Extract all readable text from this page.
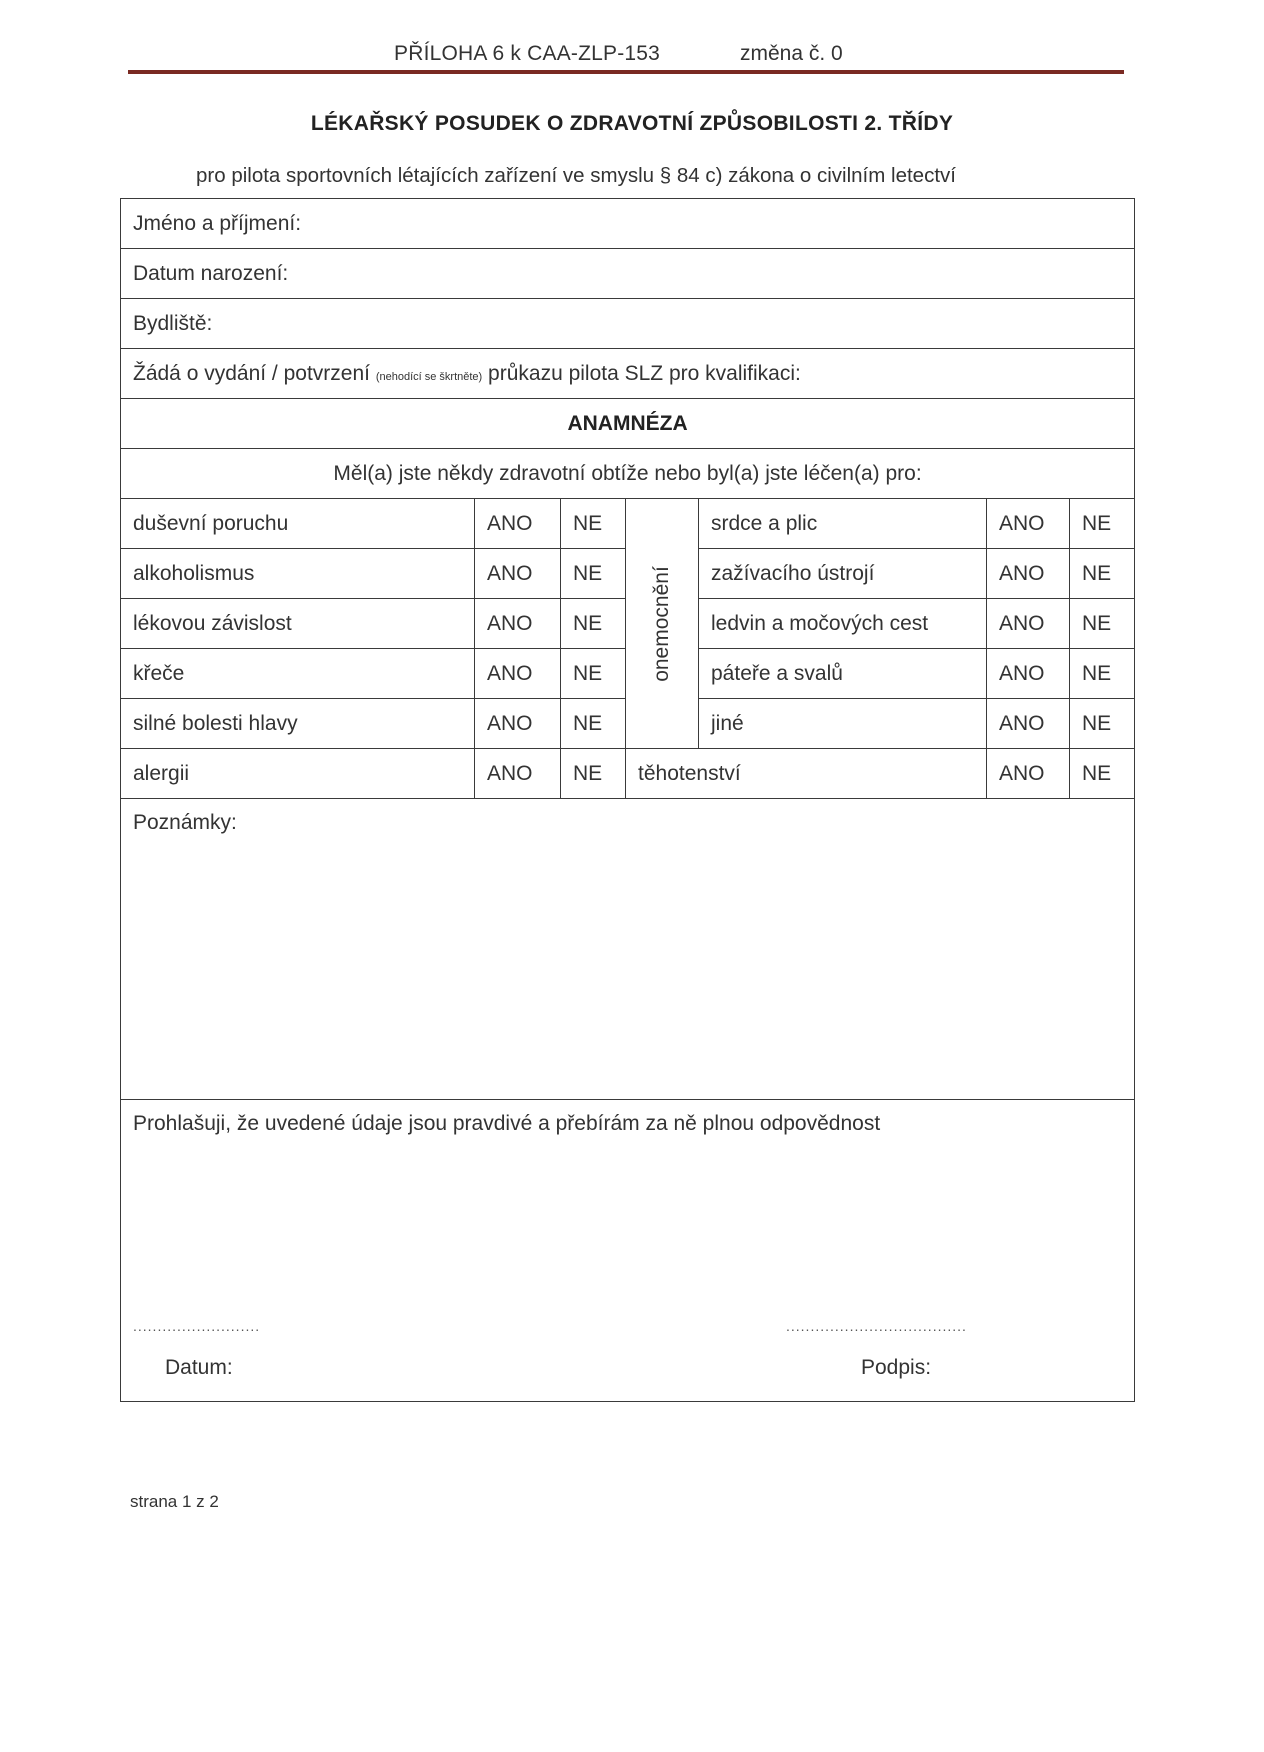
PŘÍLOHA 6 k CAA-ZLP-153	změna č. 0
LÉKAŘSKÝ POSUDEK O ZDRAVOTNÍ ZPŮSOBILOSTI 2. TŘÍDY
pro pilota sportovních létajících zařízení ve smyslu § 84 c) zákona o civilním letectví
Jméno a příjmení:						
Datum narození:						
Bydliště:						
Žádá o vydání / potvrzení (nehodící se škrtněte) průkazu pilota SLZ pro kvalifikaci:						
ANAMNÉZA						
Měl(a) jste někdy zdravotní obtíže nebo byl(a) jste léčen(a) pro:						
duševní poruchu	ANO	NE	onemocnění	srdce a plic	ANO	NE
alkoholismus	ANO	NE		zažívacího ústrojí	ANO	NE
lékovou závislost	ANO	NE		ledvin a močových cest	ANO	NE
křeče	ANO	NE		páteře a svalů	ANO	NE
silné bolesti hlavy	ANO	NE		jiné	ANO	NE
alergii	ANO	NE	těhotenství		ANO	NE
Poznámky:						

Prohlašuji, že uvedené údaje jsou pravdivé a přebírám za ně plnou odpovědnost
.......................... .....................................
Datum: Podpis:						
strana 1 z 2
